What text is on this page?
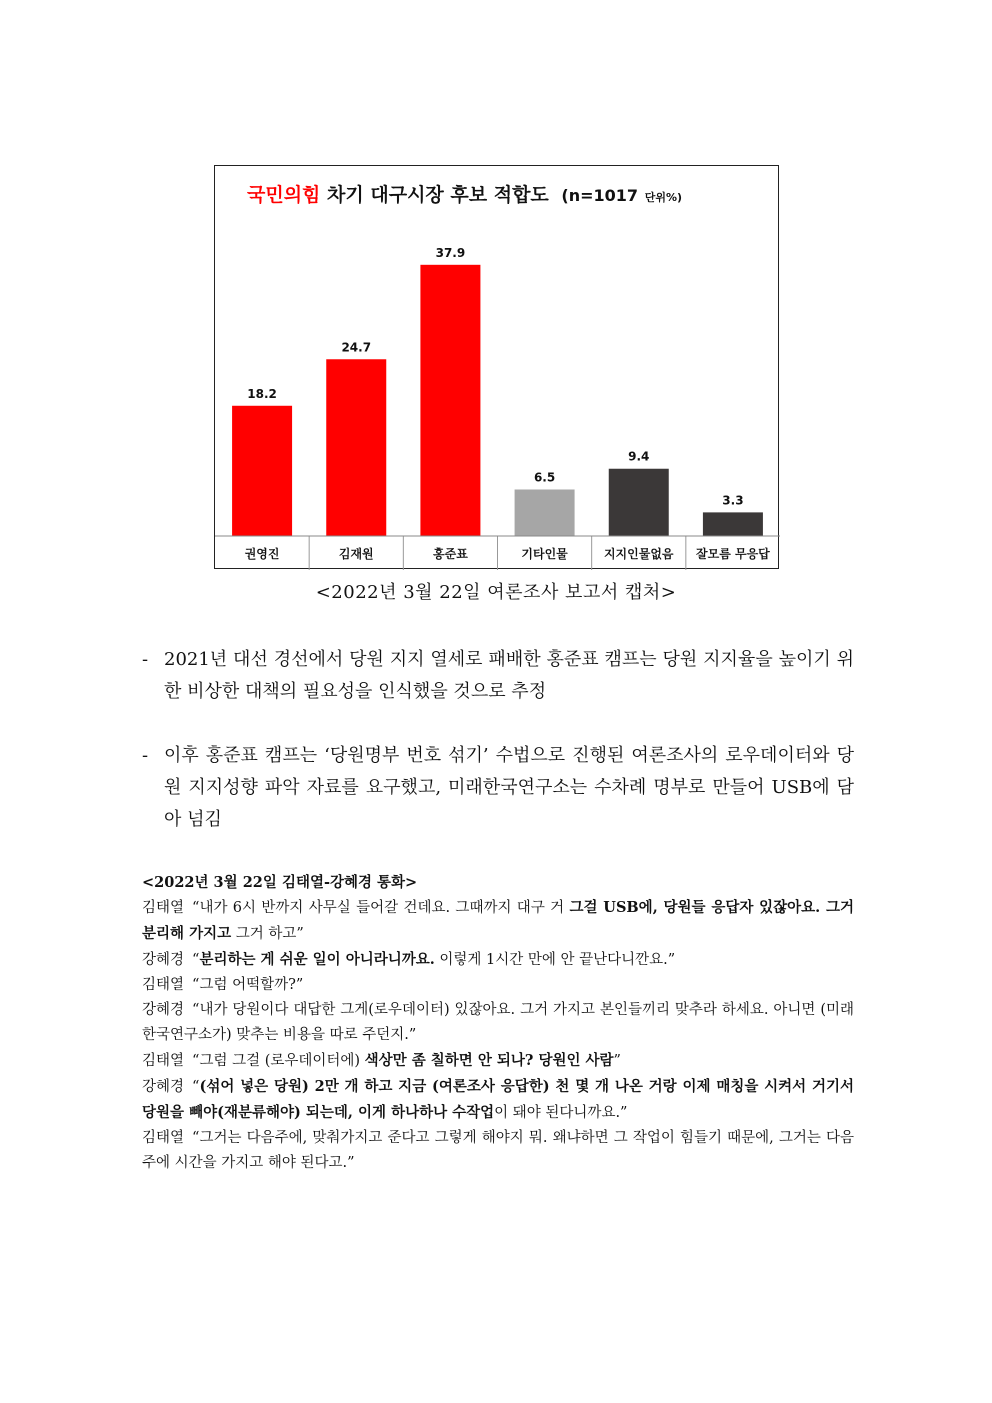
국민의힘 차기 대구시장 후보 적합도 (n=1017 단위%)
18.2
권영진
24.7
김재원
37.9
홍준표
6.5
기타인물
9.4
지지인물없음
3.3
잘모름 무응답
<2022년 3월 22일 여론조사 보고서 캡처>
- 2021년 대선 경선에서 당원 지지 열세로 패배한 홍준표 캠프는 당원 지지율을 높이기 위한 비상한 대책의 필요성을 인식했을 것으로 추정
- 이후 홍준표 캠프는 ‘당원명부 번호 섞기’ 수법으로 진행된 여론조사의 로우데이터와 당원 지지성향 파악 자료를 요구했고, 미래한국연구소는 수차례 명부로 만들어 USB에 담아 넘김
<2022년 3월 22일 김태열-강혜경 통화>
김태열 “내가 6시 반까지 사무실 들어갈 건데요. 그때까지 대구 거 그걸 USB에, 당원들 응답자 있잖아요. 그거 분리해 가지고 그거 하고”
강혜경 “분리하는 게 쉬운 일이 아니라니까요. 이렇게 1시간 만에 안 끝난다니깐요.”
김태열 “그럼 어떡할까?”
강혜경 “내가 당원이다 대답한 그게(로우데이터) 있잖아요. 그거 가지고 본인들끼리 맞추라 하세요. 아니면 (미래한국연구소가) 맞추는 비용을 따로 주던지.”
김태열 “그럼 그걸 (로우데이터에) 색상만 좀 칠하면 안 되나? 당원인 사람”
강혜경 “(섞어 넣은 당원) 2만 개 하고 지금 (여론조사 응답한) 천 몇 개 나온 거랑 이제 매칭을 시켜서 거기서 당원을 빼야(재분류해야) 되는데, 이게 하나하나 수작업이 돼야 된다니까요.”
김태열 “그거는 다음주에, 맞춰가지고 준다고 그렇게 해야지 뭐. 왜냐하면 그 작업이 힘들기 때문에, 그거는 다음주에 시간을 가지고 해야 된다고.”
